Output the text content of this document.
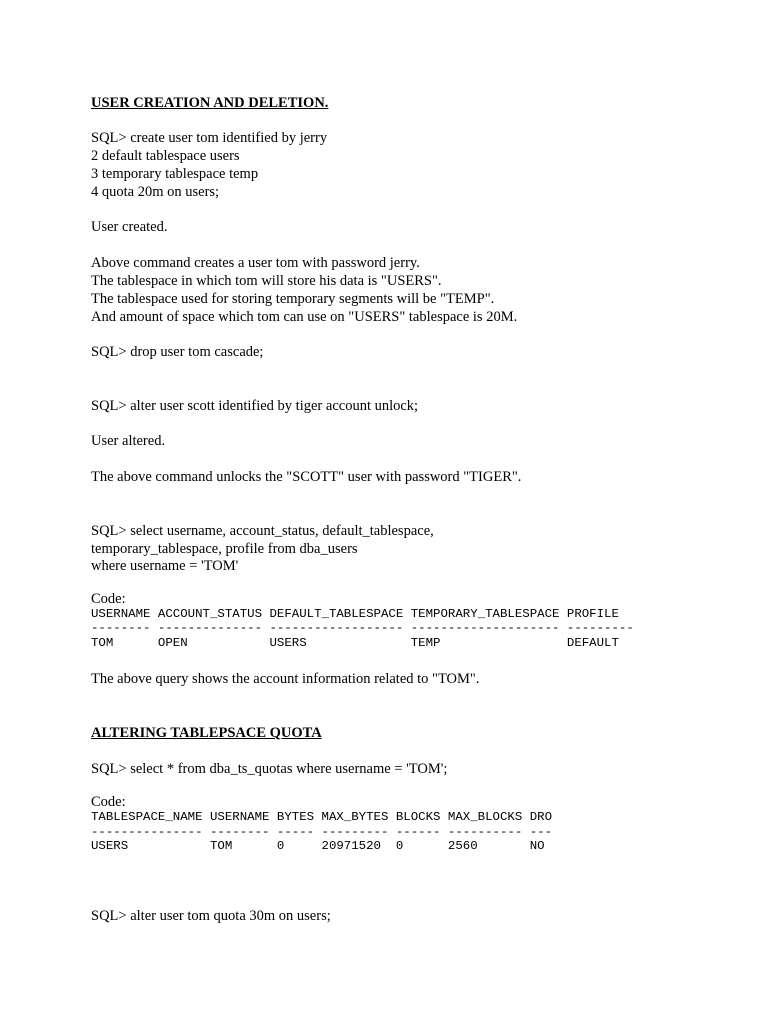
USER CREATION AND DELETION.
SQL> create user tom identified by jerry
2 default tablespace users
3 temporary tablespace temp
4 quota 20m on users;
User created.
Above command creates a user tom with password jerry.
The tablespace in which tom will store his data is "USERS".
The tablespace used for storing temporary segments will be "TEMP".
And amount of space which tom can use on "USERS" tablespace is 20M.
SQL> drop user tom cascade;
SQL> alter user scott identified by tiger account unlock;
User altered.
The above command unlocks the "SCOTT" user with password "TIGER".
SQL> select username, account_status, default_tablespace,
temporary_tablespace, profile from dba_users
where username = 'TOM'
Code:
USERNAME ACCOUNT_STATUS DEFAULT_TABLESPACE TEMPORARY_TABLESPACE PROFILE
-------- -------------- ------------------ -------------------- ---------
TOM      OPEN           USERS              TEMP                 DEFAULT
The above query shows the account information related to "TOM".
ALTERING TABLEPSACE QUOTA
SQL> select * from dba_ts_quotas where username = 'TOM';
Code:
TABLESPACE_NAME USERNAME BYTES MAX_BYTES BLOCKS MAX_BLOCKS DRO
--------------- -------- ----- --------- ------ ---------- ---
USERS           TOM      0     20971520  0      2560       NO
SQL> alter user tom quota 30m on users;
